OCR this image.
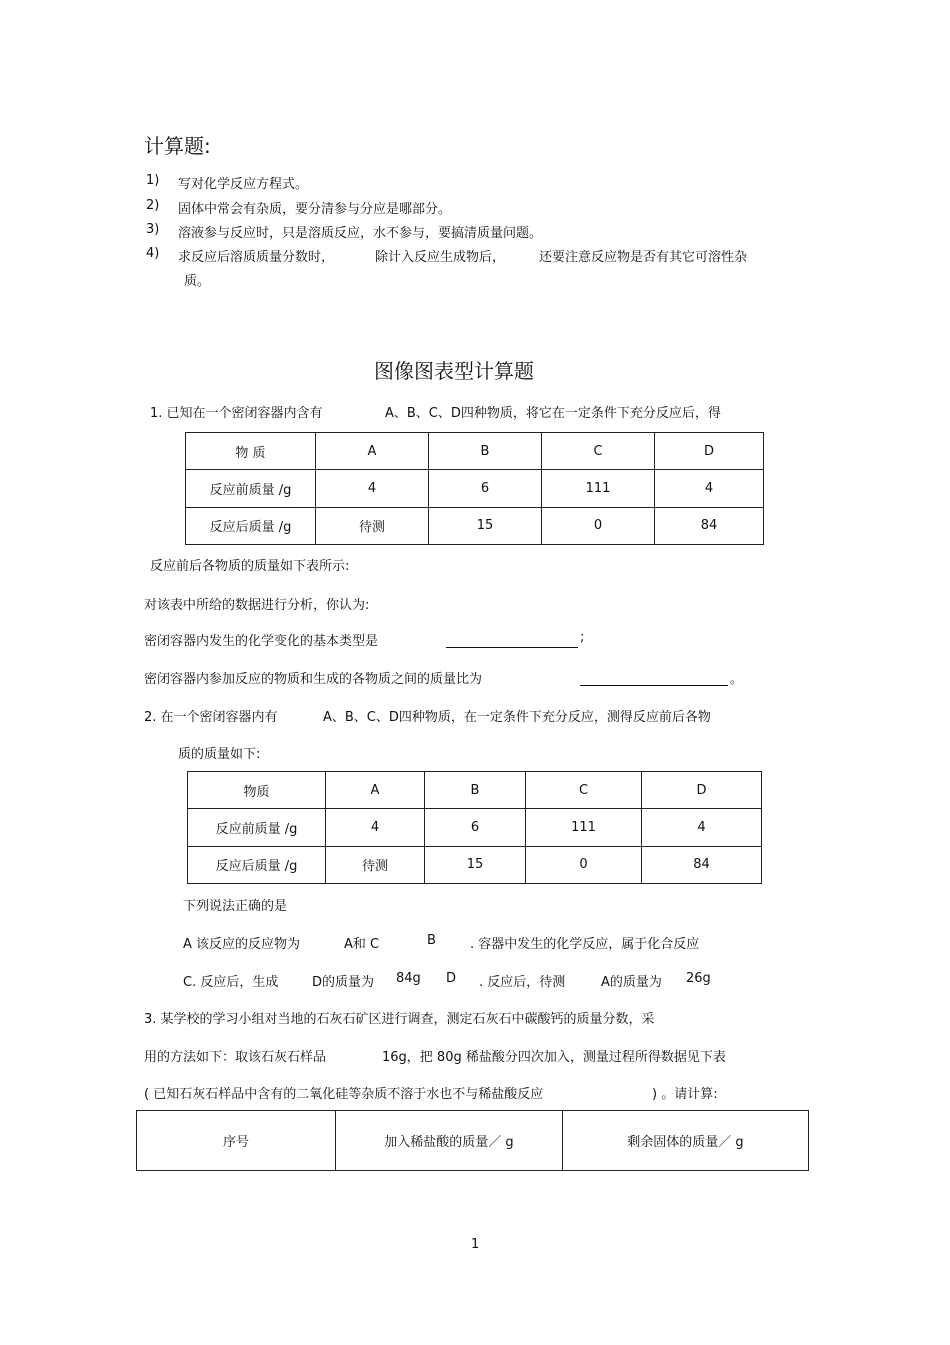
计算题:
1) 写对化学反应方程式。
2) 固体中常会有杂质，要分清参与分应是哪部分。
3) 溶液参与反应时，只是溶质反应，水不参与，要搞清质量问题。
4) 求反应后溶质质量分数时，	除计入反应生成物后，	还要注意反应物是否有其它可溶性杂
质。
图像图表型计算题
1. 已知在一个密闭容器内含有	A、B、C、D四种物质，将它在一定条件下充分反应后，得
物 质	A	B	C	D
反应前质量 /g	4	6	111	4
反应后质量 /g	待测	15	0	84
反应前后各物质的质量如下表所示:
对该表中所给的数据进行分析，你认为:
密闭容器内发生的化学变化的基本类型是	;
密闭容器内参加反应的物质和生成的各物质之间的质量比为	。
2. 在一个密闭容器内有	A、B、C、D四种物质，在一定条件下充分反应，测得反应前后各物
质的质量如下:
物质	A	B	C	D
反应前质量 /g	4	6	111	4
反应后质量 /g	待测	15	0	84
下列说法正确的是
A 该反应的反应物为	A和 C	B	. 容器中发生的化学反应，属于化合反应
C. 反应后，生成	D的质量为 84g D . 反应后，待测	A的质量为 26g
3. 某学校的学习小组对当地的石灰石矿区进行调查，测定石灰石中碳酸钙的质量分数，采
用的方法如下：取该石灰石样品	16g，把 80g 稀盐酸分四次加入，测量过程所得数据见下表
( 已知石灰石样品中含有的二氧化硅等杂质不溶于水也不与稀盐酸反应	) 。请计算:
序号	加入稀盐酸的质量／ g	剩余固体的质量／ g
1
